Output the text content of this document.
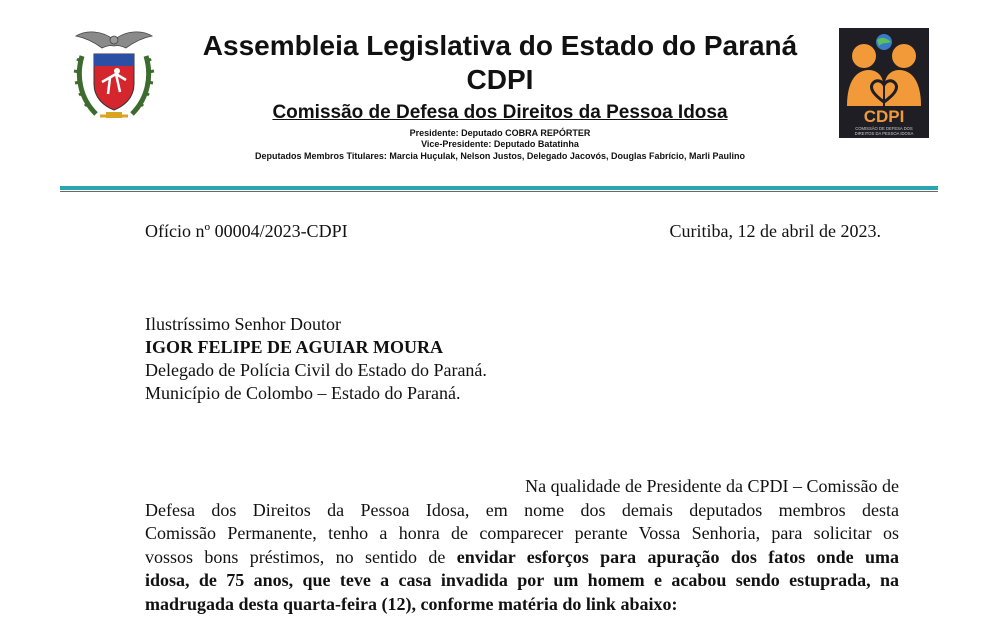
CDPI
COMISSÃO DE DEFESA DOS
DIREITOS DA PESSOA IDOSA
Assembleia Legislativa do Estado do Paraná
CDPI
Comissão de Defesa dos Direitos da Pessoa Idosa
Presidente: Deputado COBRA REPÓRTER
Vice-Presidente: Deputado Batatinha
Deputados Membros Titulares: Marcia Huçulak, Nelson Justos, Delegado Jacovós, Douglas Fabrício, Marli Paulino
Ofício nº 00004/2023-CDPI	Curitiba, 12 de abril de 2023.
Ilustríssimo Senhor Doutor
IGOR FELIPE DE AGUIAR MOURA
Delegado de Polícia Civil do Estado do Paraná.
Município de Colombo – Estado do Paraná.
Na qualidade de Presidente da CPDI – Comissão de
Defesa dos Direitos da Pessoa Idosa, em nome dos demais deputados membros desta
Comissão Permanente, tenho a honra de comparecer perante Vossa Senhoria, para solicitar os
vossos bons préstimos, no sentido de envidar esforços para apuração dos fatos onde uma
idosa, de 75 anos, que teve a casa invadida por um homem e acabou sendo estuprada, na
madrugada desta quarta-feira (12), conforme matéria do link abaixo:
